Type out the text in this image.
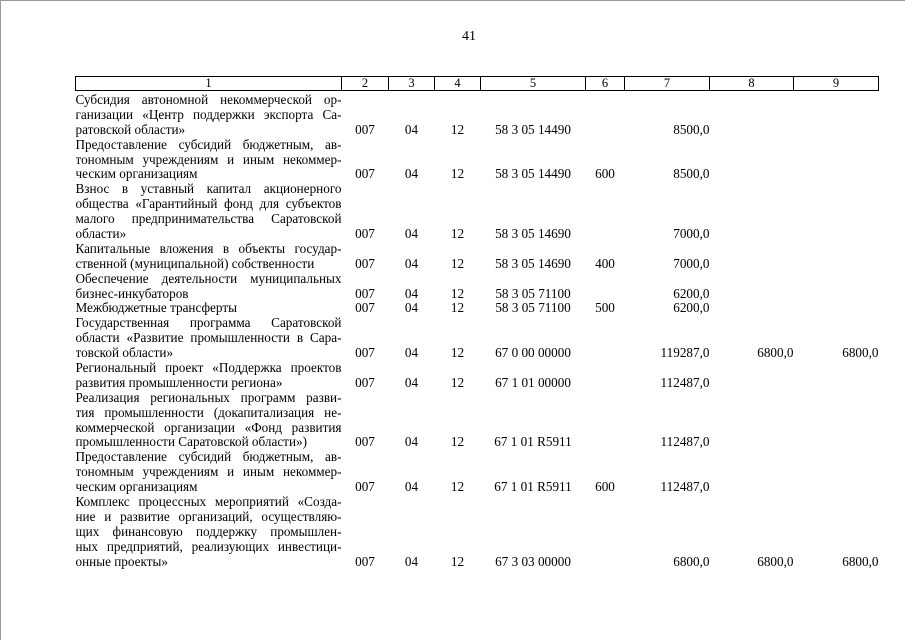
41
1	2	3	4	5	6	7	8	9

Субсидия автономной некоммерческой ор-
ганизации «Центр поддержки экспорта Са-
ратовской области»	007	04	12	58 3 05 14490		8500,0		

Предоставление субсидий бюджетным, ав-
тономным учреждениям и иным некоммер-
ческим организациям	007	04	12	58 3 05 14490	600	8500,0		

Взнос в уставный капитал акционерного
общества «Гарантийный фонд для субъектов
малого предпринимательства Саратовской
области»	007	04	12	58 3 05 14690		7000,0		

Капитальные вложения в объекты государ-
ственной (муниципальной) собственности	007	04	12	58 3 05 14690	400	7000,0		

Обеспечение деятельности муниципальных
бизнес-инкубаторов	007	04	12	58 3 05 71100		6200,0		

Межбюджетные трансферты	007	04	12	58 3 05 71100	500	6200,0		

Государственная программа Саратовской
области «Развитие промышленности в Сара-
товской области»	007	04	12	67 0 00 00000		119287,0	6800,0	6800,0

Региональный проект «Поддержка проектов
развития промышленности региона»	007	04	12	67 1 01 00000		112487,0		

Реализация региональных программ разви-
тия промышленности (докапитализация не-
коммерческой организации «Фонд развития
промышленности Саратовской области»)	007	04	12	67 1 01 R5911		112487,0		

Предоставление субсидий бюджетным, ав-
тономным учреждениям и иным некоммер-
ческим организациям	007	04	12	67 1 01 R5911	600	112487,0		

Комплекс процессных мероприятий «Созда-
ние и развитие организаций, осуществляю-
щих финансовую поддержку промышлен-
ных предприятий, реализующих инвестици-
онные проекты»	007	04	12	67 3 03 00000		6800,0	6800,0	6800,0
